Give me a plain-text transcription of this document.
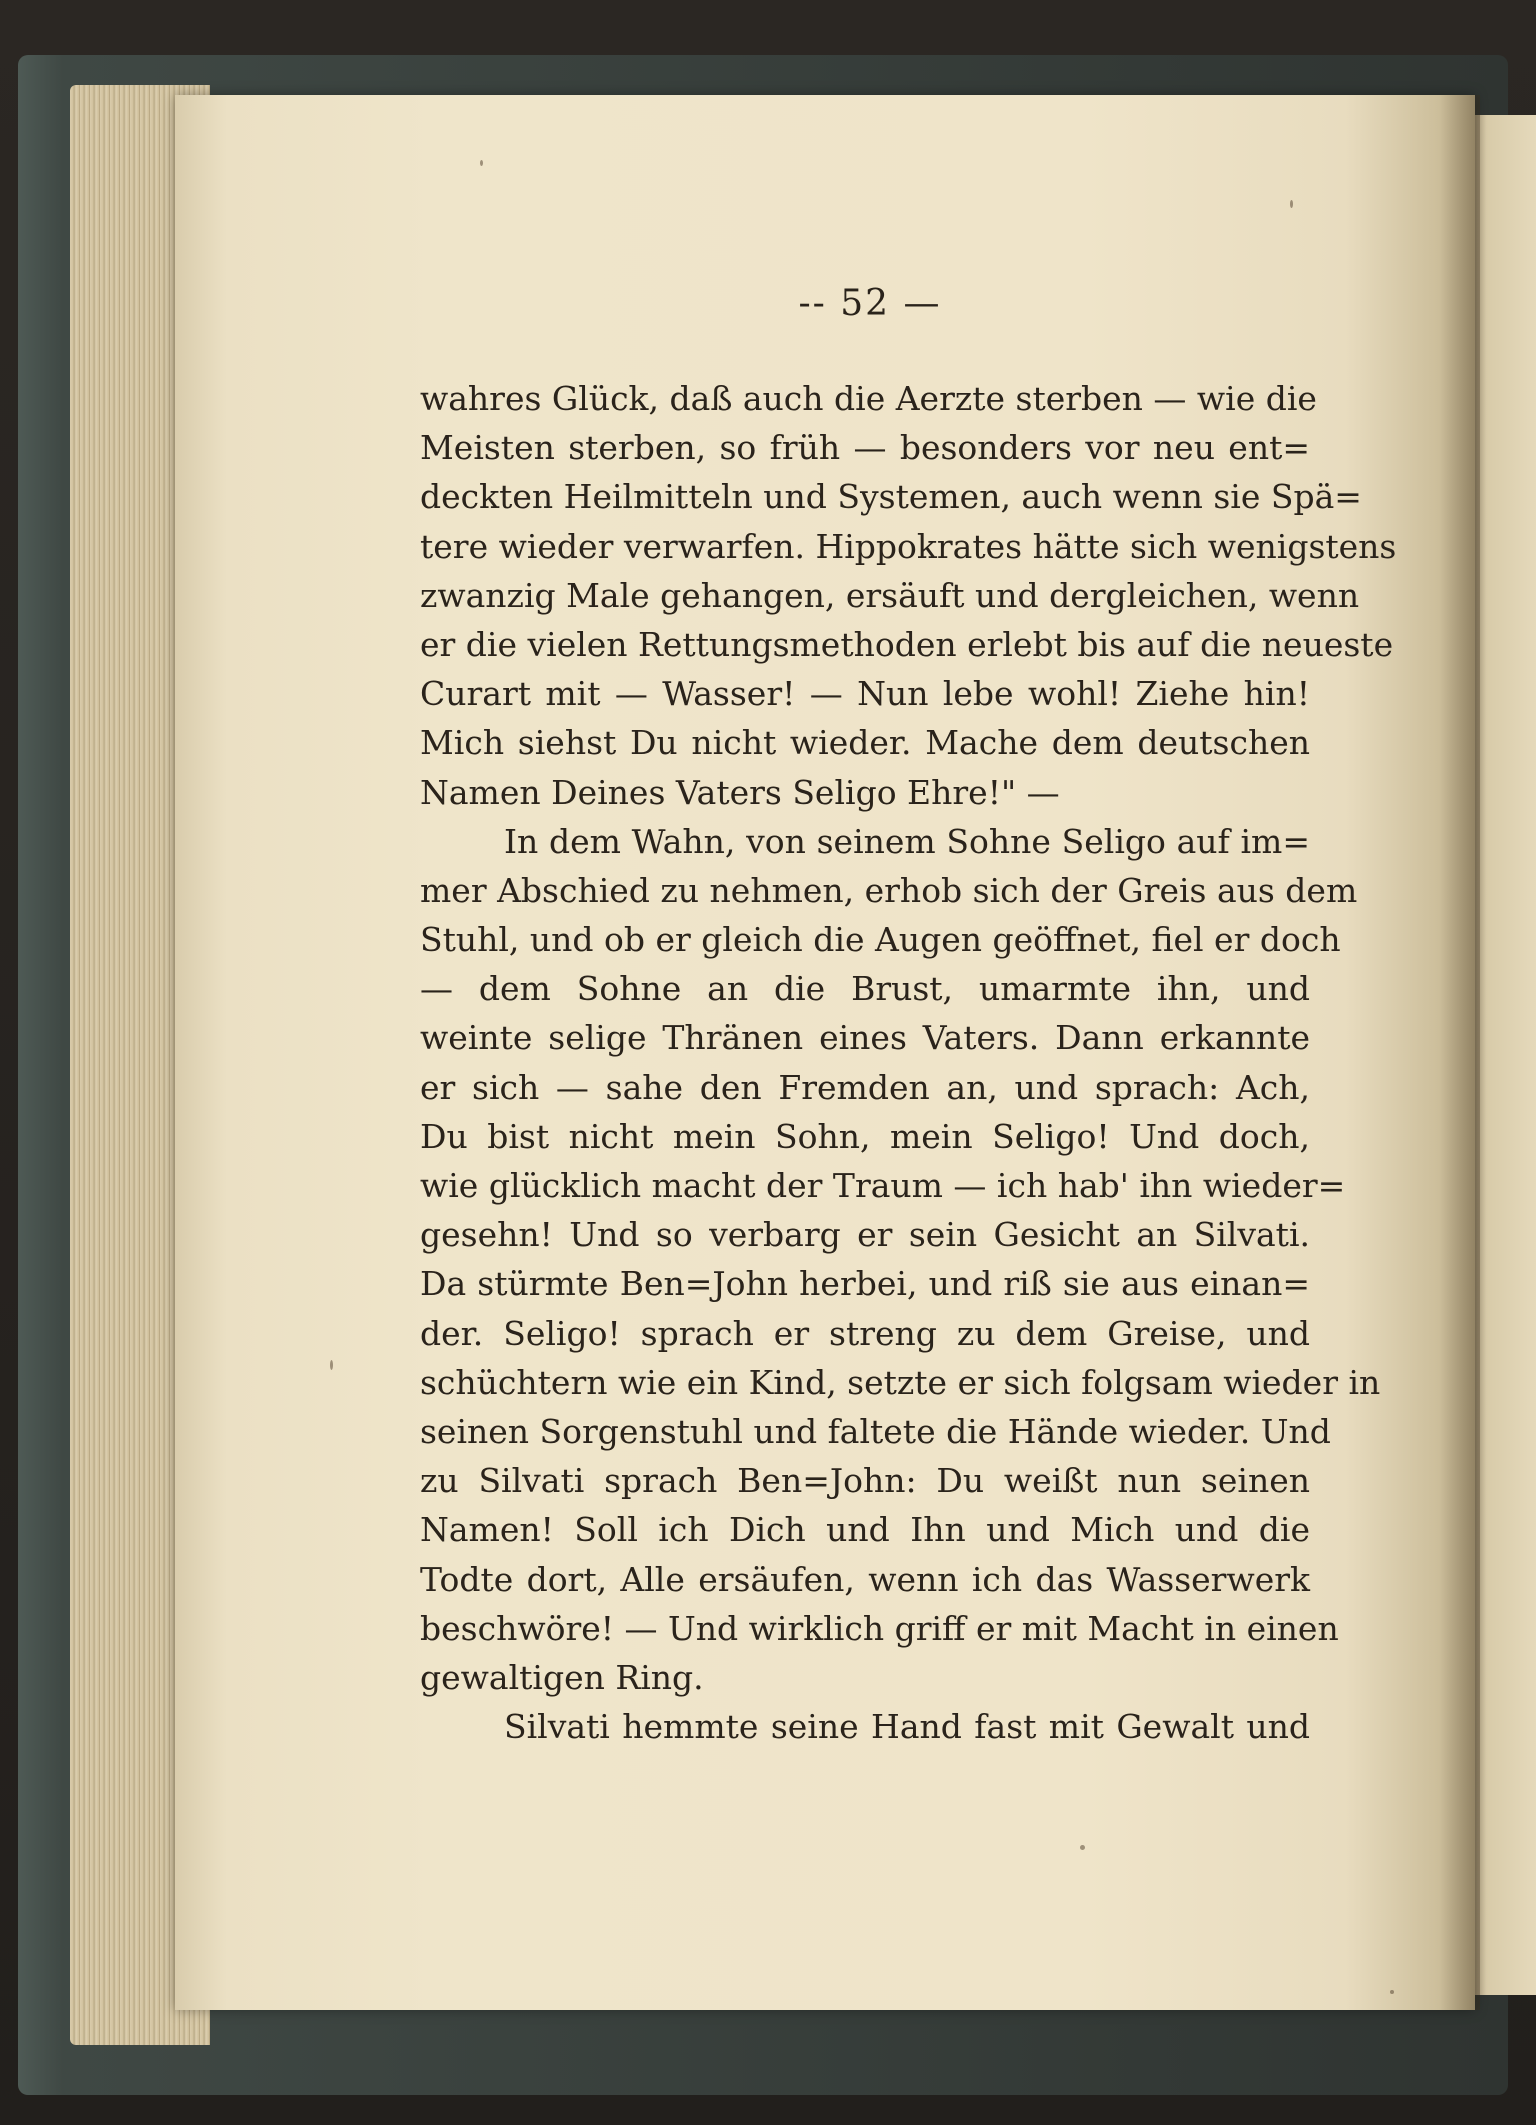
-- 52 —
wahres Glück, daß auch die Aerzte sterben — wie die
Meisten sterben, so früh — besonders vor neu ent=
deckten Heilmitteln und Systemen, auch wenn sie Spä=
tere wieder verwarfen. Hippokrates hätte sich wenigstens
zwanzig Male gehangen, ersäuft und dergleichen, wenn
er die vielen Rettungsmethoden erlebt bis auf die neueste
Curart mit — Wasser! — Nun lebe wohl! Ziehe hin!
Mich siehst Du nicht wieder. Mache dem deutschen
Namen Deines Vaters Seligo Ehre!" —
In dem Wahn, von seinem Sohne Seligo auf im=
mer Abschied zu nehmen, erhob sich der Greis aus dem
Stuhl, und ob er gleich die Augen geöffnet, fiel er doch
— dem Sohne an die Brust, umarmte ihn, und
weinte selige Thränen eines Vaters. Dann erkannte
er sich — sahe den Fremden an, und sprach: Ach,
Du bist nicht mein Sohn, mein Seligo! Und doch,
wie glücklich macht der Traum — ich hab' ihn wieder=
gesehn! Und so verbarg er sein Gesicht an Silvati.
Da stürmte Ben=John herbei, und riß sie aus einan=
der. Seligo! sprach er streng zu dem Greise, und
schüchtern wie ein Kind, setzte er sich folgsam wieder in
seinen Sorgenstuhl und faltete die Hände wieder. Und
zu Silvati sprach Ben=John: Du weißt nun seinen
Namen! Soll ich Dich und Ihn und Mich und die
Todte dort, Alle ersäufen, wenn ich das Wasserwerk
beschwöre! — Und wirklich griff er mit Macht in einen
gewaltigen Ring.
Silvati hemmte seine Hand fast mit Gewalt und
